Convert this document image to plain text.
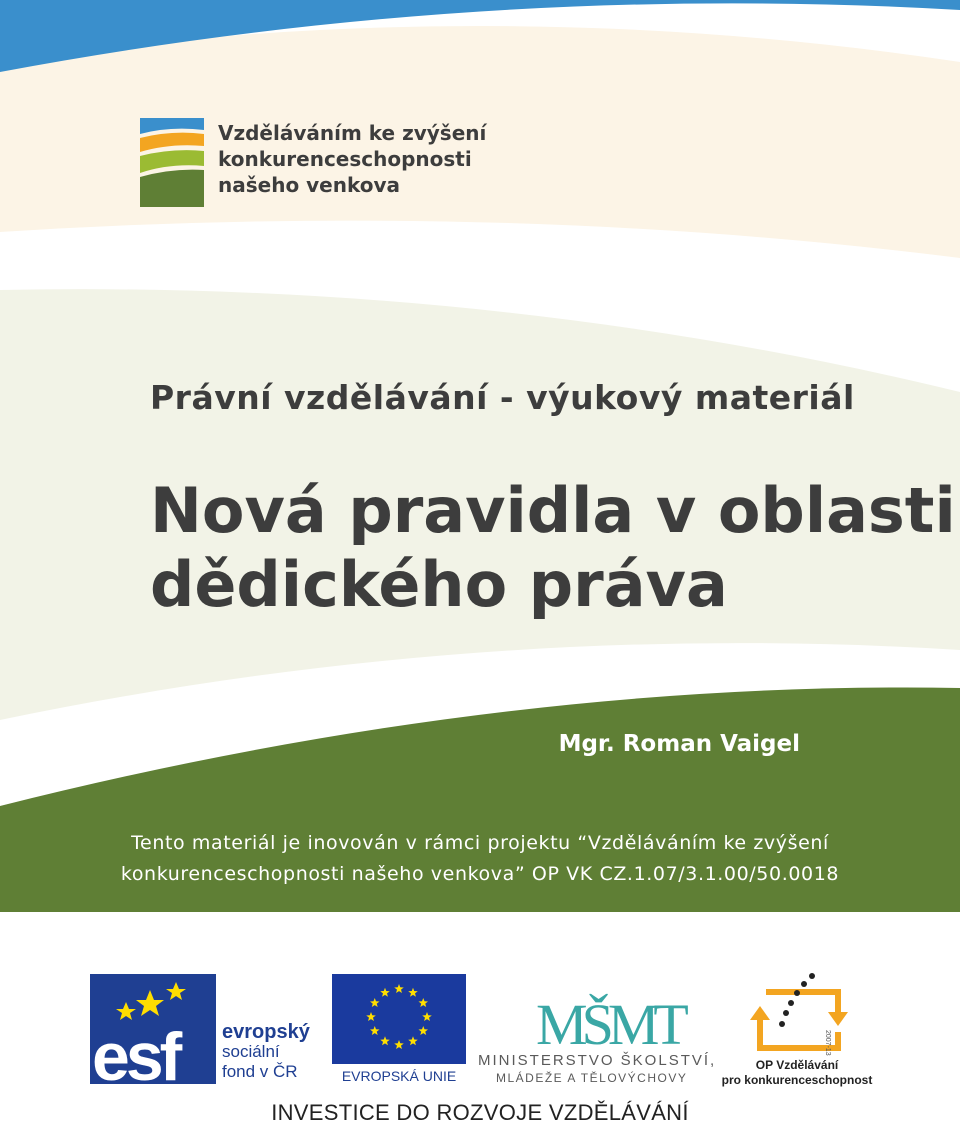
esf	MŠMT	2007-13
Vzděláváním ke zvýšení
konkurenceschopnosti
našeho venkova
Právní vzdělávání - výukový materiál
Nová pravidla v oblasti
dědického práva
Mgr. Roman Vaigel
Tento materiál je inovován v rámci projektu “Vzděláváním ke zvýšení
konkurenceschopnosti našeho venkova” OP VK CZ.1.07/3.1.00/50.0018
evropský
sociální
fond v ČR	EVROPSKÁ UNIE
MINISTERSTVO ŠKOLSTVÍ,
MLÁDEŽE A TĚLOVÝCHOVY
OP Vzdělávání
pro konkurenceschopnost
INVESTICE DO ROZVOJE VZDĚLÁVÁNÍ
